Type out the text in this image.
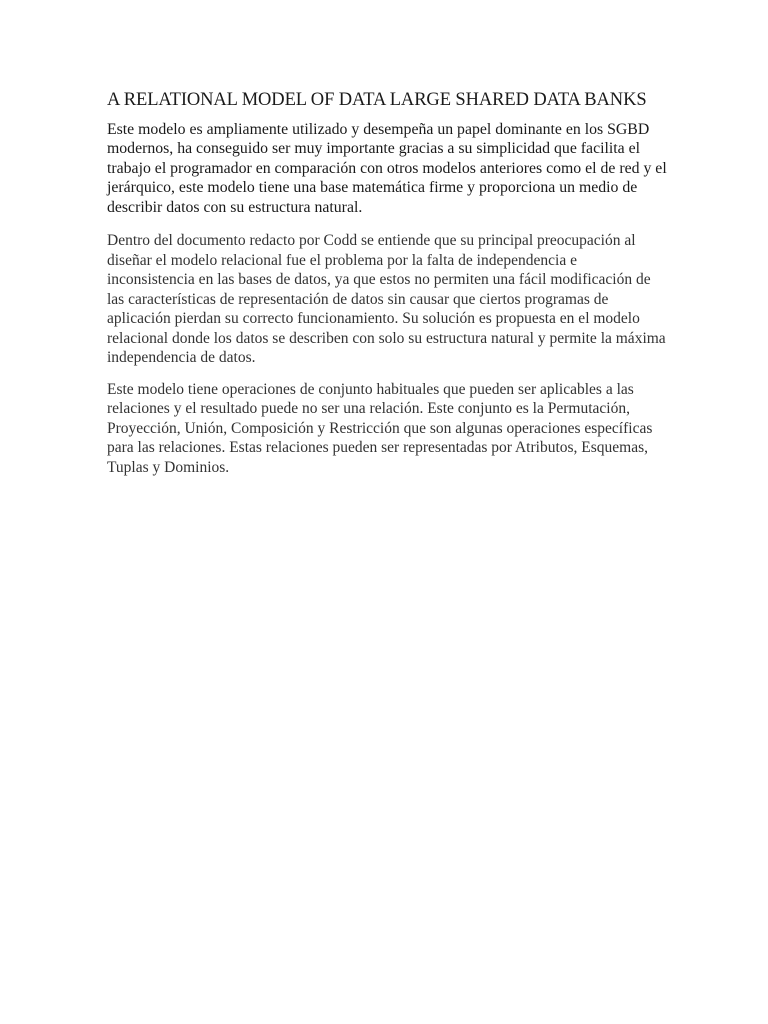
A RELATIONAL MODEL OF DATA LARGE SHARED DATA BANKS

Este modelo es ampliamente utilizado y desempeña un papel dominante en los SGBD modernos, ha conseguido ser muy importante gracias a su simplicidad que facilita el trabajo el programador en comparación con otros modelos anteriores como el de red y el jerárquico, este modelo tiene una base matemática firme y proporciona un medio de describir datos con su estructura natural.

Dentro del documento redacto por Codd se entiende que su principal preocupación al diseñar el modelo relacional fue el problema por la falta de independencia e inconsistencia en las bases de datos, ya que estos no permiten una fácil modificación de las características de representación de datos sin causar que ciertos programas de aplicación pierdan su correcto funcionamiento. Su solución es propuesta en el modelo relacional donde los datos se describen con solo su estructura natural y permite la máxima independencia de datos.

Este modelo tiene operaciones de conjunto habituales que pueden ser aplicables a las relaciones y el resultado puede no ser una relación. Este conjunto es la Permutación, Proyección, Unión, Composición y Restricción que son algunas operaciones específicas para las relaciones. Estas relaciones pueden ser representadas por Atributos, Esquemas, Tuplas y Dominios.
